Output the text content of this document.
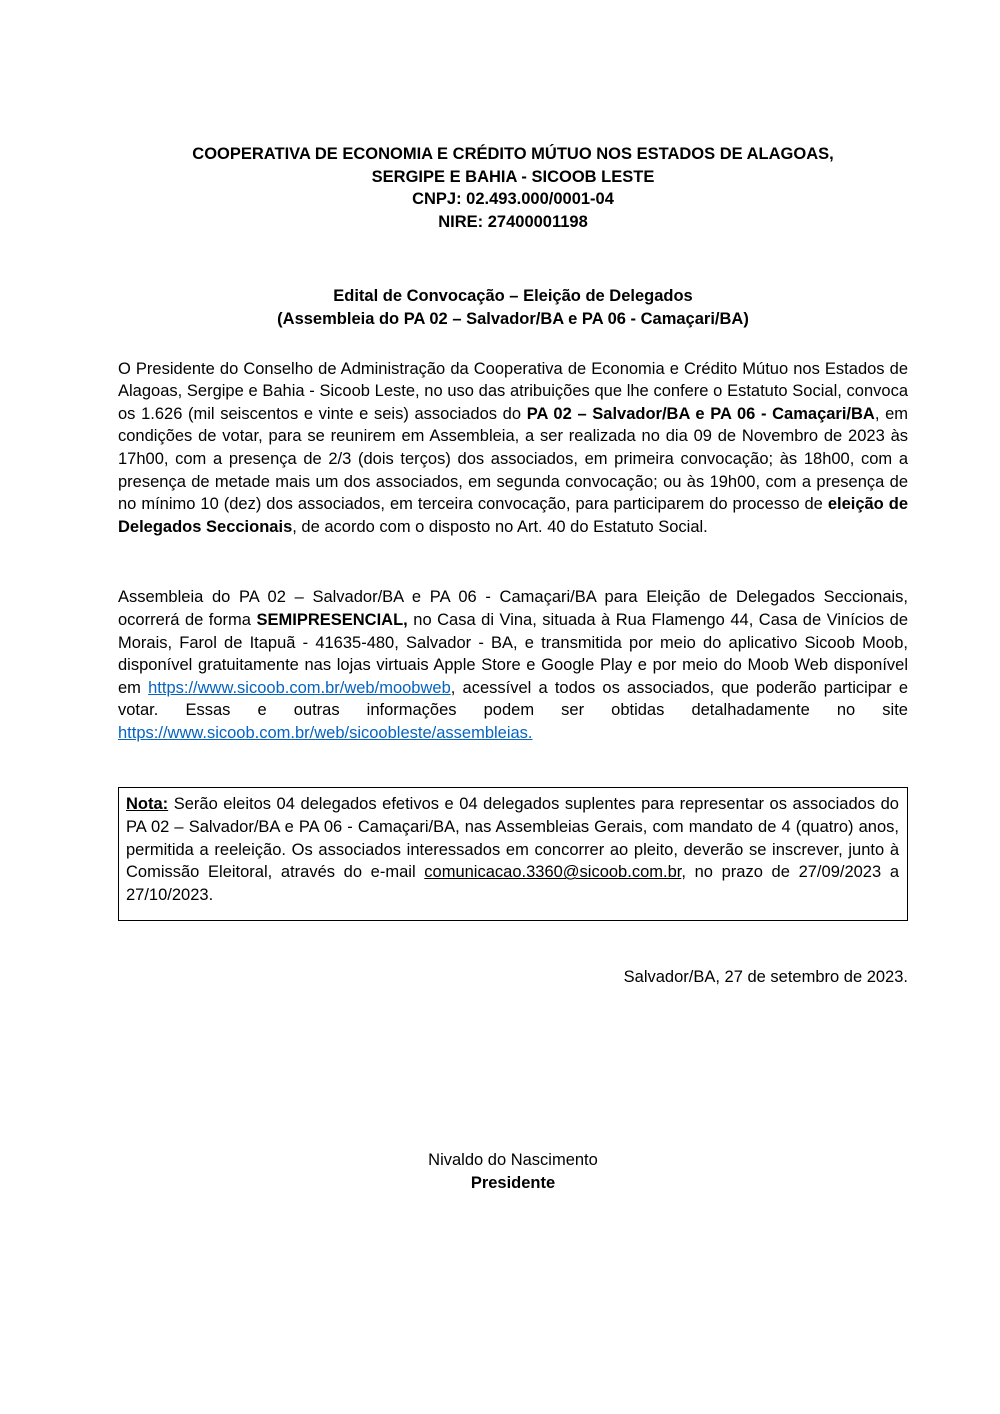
COOPERATIVA DE ECONOMIA E CRÉDITO MÚTUO NOS ESTADOS DE ALAGOAS,
SERGIPE E BAHIA - SICOOB LESTE
CNPJ: 02.493.000/0001-04
NIRE: 27400001198
Edital de Convocação – Eleição de Delegados
(Assembleia do PA 02 – Salvador/BA e PA 06 - Camaçari/BA)

O Presidente do Conselho de Administração da Cooperativa de Economia e Crédito Mútuo nos Estados de Alagoas, Sergipe e Bahia - Sicoob Leste, no uso das atribuições que lhe confere o Estatuto Social, convoca os 1.626 (mil seiscentos e vinte e seis) associados do PA 02 – Salvador/BA e PA 06 - Camaçari/BA, em condições de votar, para se reunirem em Assembleia, a ser realizada no dia 09 de Novembro de 2023 às 17h00, com a presença de 2/3 (dois terços) dos associados, em primeira convocação; às 18h00, com a presença de metade mais um dos associados, em segunda convocação; ou às 19h00, com a presença de no mínimo 10 (dez) dos associados, em terceira convocação, para participarem do processo de eleição de Delegados Seccionais, de acordo com o disposto no Art. 40 do Estatuto Social.

Assembleia do PA 02 – Salvador/BA e PA 06 - Camaçari/BA para Eleição de Delegados Seccionais, ocorrerá de forma SEMIPRESENCIAL, no Casa di Vina, situada à Rua Flamengo 44, Casa de Vinícios de Morais, Farol de Itapuã - 41635-480, Salvador - BA, e transmitida por meio do aplicativo Sicoob Moob, disponível gratuitamente nas lojas virtuais Apple Store e Google Play e por meio do Moob Web disponível em https://www.sicoob.com.br/web/moobweb, acessível a todos os associados, que poderão participar e votar. Essas e outras informações podem ser obtidas detalhadamente no site https://www.sicoob.com.br/web/sicoobleste/assembleias.

Nota: Serão eleitos 04 delegados efetivos e 04 delegados suplentes para representar os associados do PA 02 – Salvador/BA e PA 06 - Camaçari/BA, nas Assembleias Gerais, com mandato de 4 (quatro) anos, permitida a reeleição. Os associados interessados em concorrer ao pleito, deverão se inscrever, junto à Comissão Eleitoral, através do e-mail comunicacao.3360@sicoob.com.br, no prazo de 27/09/2023 a 27/10/2023.

Salvador/BA, 27 de setembro de 2023.
Nivaldo do Nascimento
Presidente
